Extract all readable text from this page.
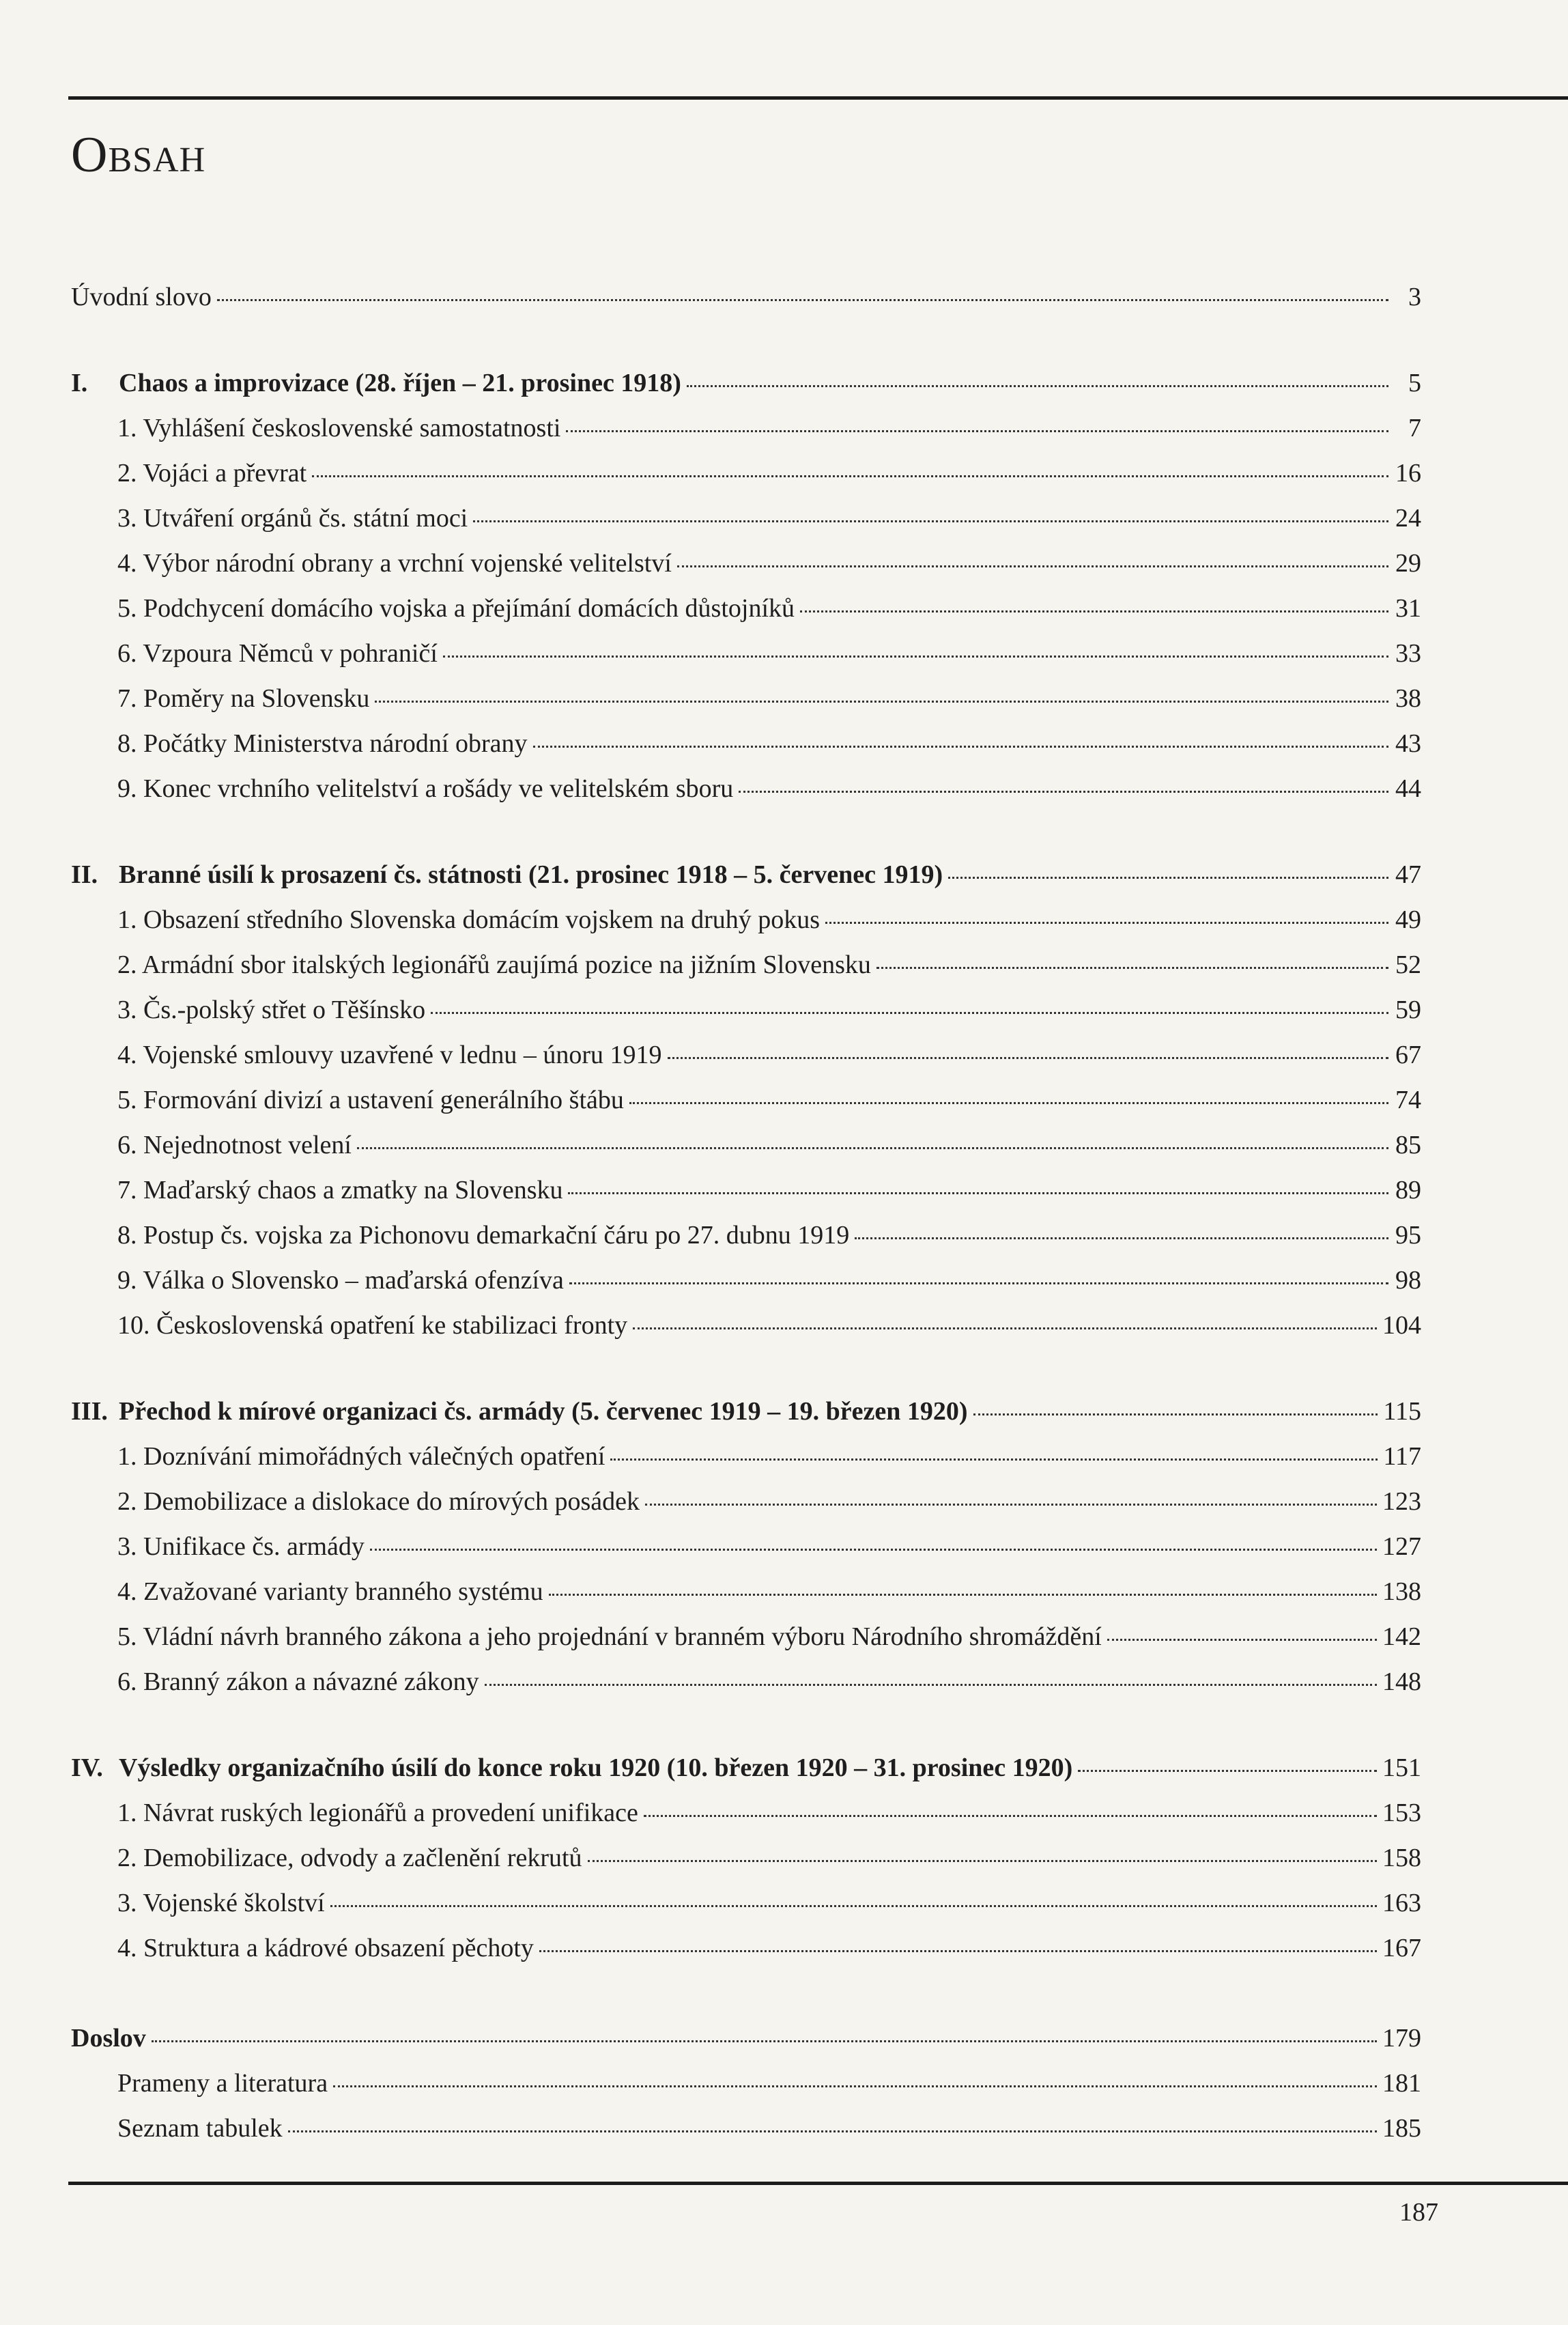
Obsah
Úvodní slovo	3
I.	Chaos a improvizace (28. říjen – 21. prosinec 1918)	5
1. Vyhlášení československé samostatnosti	7
2. Vojáci a převrat	16
3. Utváření orgánů čs. státní moci	24
4. Výbor národní obrany a vrchní vojenské velitelství	29
5. Podchycení domácího vojska a přejímání domácích důstojníků	31
6. Vzpoura Němců v pohraničí	33
7. Poměry na Slovensku	38
8. Počátky Ministerstva národní obrany	43
9. Konec vrchního velitelství a rošády ve velitelském sboru	44
II. Branné úsilí k prosazení čs. státnosti (21. prosinec 1918 – 5. červenec 1919)	47
1. Obsazení středního Slovenska domácím vojskem na druhý pokus	49
2. Armádní sbor italských legionářů zaujímá pozice na jižním Slovensku	52
3. Čs.-polský střet o Těšínsko	59
4. Vojenské smlouvy uzavřené v lednu – únoru 1919	67
5. Formování divizí a ustavení generálního štábu	74
6. Nejednotnost velení	85
7. Maďarský chaos a zmatky na Slovensku	89
8. Postup čs. vojska za Pichonovu demarkační čáru po 27. dubnu 1919	95
9. Válka o Slovensko – maďarská ofenzíva	98
10. Československá opatření ke stabilizaci fronty	104
III. Přechod k mírové organizaci čs. armády (5. červenec 1919 – 19. březen 1920)	115
1. Doznívání mimořádných válečných opatření	117
2. Demobilizace a dislokace do mírových posádek	123
3. Unifikace čs. armády	127
4. Zvažované varianty branného systému	138
5. Vládní návrh branného zákona a jeho projednání v branném výboru Národního shromáždění	142
6. Branný zákon a návazné zákony	148
IV. Výsledky organizačního úsilí do konce roku 1920 (10. březen 1920 – 31. prosinec 1920)	151
1. Návrat ruských legionářů a provedení unifikace	153
2. Demobilizace, odvody a začlenění rekrutů	158
3. Vojenské školství	163
4. Struktura a kádrové obsazení pěchoty	167
Doslov	179
Prameny a literatura	181
Seznam tabulek	185
187
